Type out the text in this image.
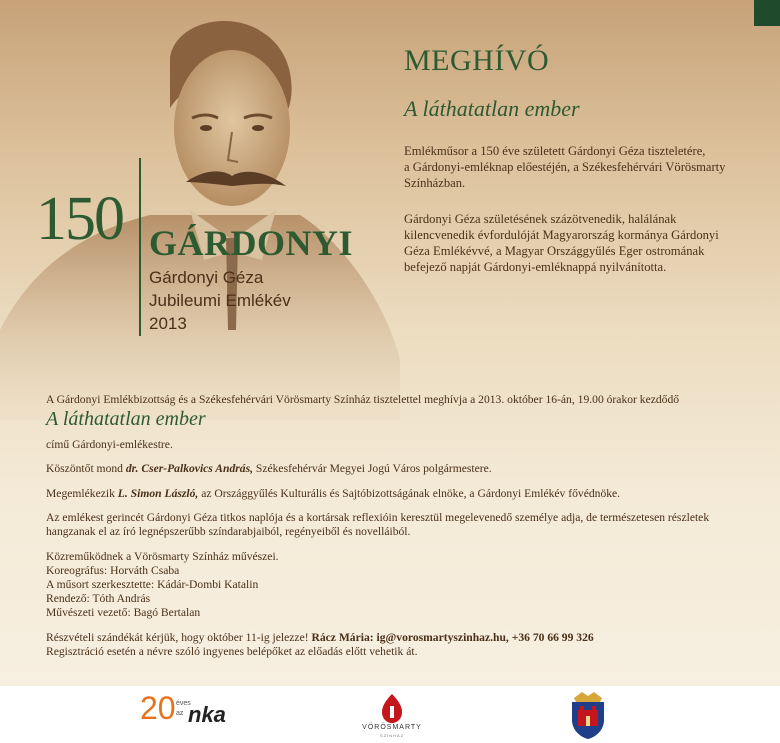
MEGHÍVÓ
A láthatatlan ember
Emlékműsor a 150 éve született Gárdonyi Géza tiszteletére,
a Gárdonyi-emléknap előestéjén, a Székesfehérvári Vörösmarty
Színházban.
Gárdonyi Géza születésének százötvenedik, halálának
kilencvenedik évfordulóját Magyarország kormánya Gárdonyi
Géza Emlékévvé, a Magyar Országgyűlés Eger ostromának
befejező napját Gárdonyi-emléknappá nyilvánította.
150 GÁRDONYI
Gárdonyi Géza
Jubileumi Emlékév
2013
A Gárdonyi Emlékbizottság és a Székesfehérvári Vörösmarty Színház tisztelettel meghívja a 2013. október 16-án, 19.00 órakor kezdődő
A láthatatlan ember
című Gárdonyi-emlékestre.
Köszöntőt mond dr. Cser-Palkovics András, Székesfehérvár Megyei Jogú Város polgármestere.
Megemlékezik L. Simon László, az Országgyűlés Kulturális és Sajtóbizottságának elnöke, a Gárdonyi Emlékév fővédnöke.
Az emlékest gerincét Gárdonyi Géza titkos naplója és a kortársak reflexióin keresztül megelevenedő személye adja, de természetesen részletek
hangzanak el az író legnépszerűbb színdarabjaiból, regényeiből és novelláiból.
Közreműködnek a Vörösmarty Színház művészei.
Koreográfus: Horváth Csaba
A műsort szerkesztette: Kádár-Dombi Katalin
Rendező: Tóth András
Művészeti vezető: Bagó Bertalan
Részvételi szándékát kérjük, hogy október 11-ig jelezze! Rácz Mária: ig@vorosmartyszinhaz.hu, +36 70 66 99 326
Regisztráció esetén a névre szóló ingyenes belépőket az előadás előtt vehetik át.
20 éves
az nka
VÖRÖSMARTY
SZÍNHÁZ
